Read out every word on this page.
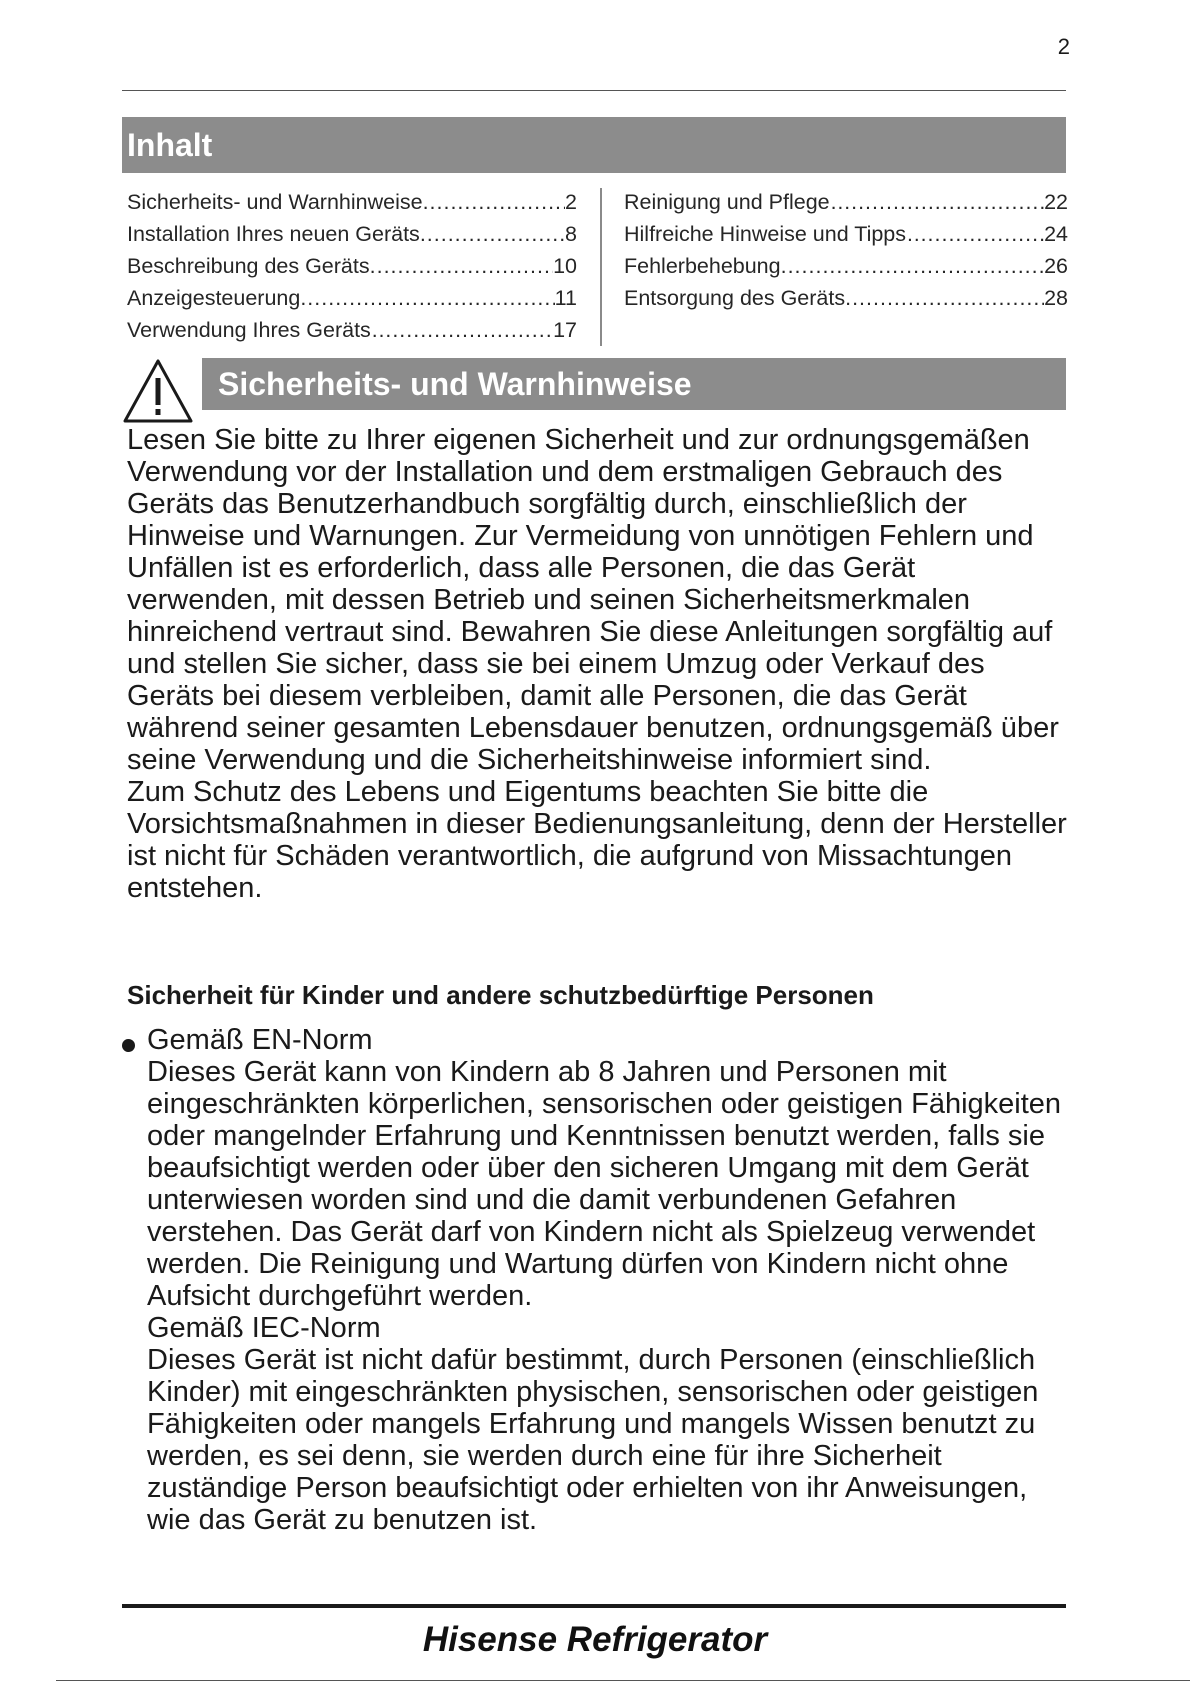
2
Inhalt
Sicherheits- und Warnhinweise .....	2
Installation Ihres neuen Geräts .....	8
Beschreibung des Geräts .....	10
Anzeigesteuerung .....	11
Verwendung Ihres Geräts… .....	17
Reinigung und Pflege… .....	22
Hilfreiche Hinweise und Tipps… .....	24
Fehlerbehebung .....	26
Entsorgung des Geräts .....	28
Sicherheits- und Warnhinweise
Lesen Sie bitte zu Ihrer eigenen Sicherheit und zur ordnungsgemäßen Verwendung vor der Installation und dem erstmaligen Gebrauch des Geräts das Benutzerhandbuch sorgfältig durch, einschließlich der Hinweise und Warnungen. Zur Vermeidung von unnötigen Fehlern und Unfällen ist es erforderlich, dass alle Personen, die das Gerät verwenden, mit dessen Betrieb und seinen Sicherheitsmerkmalen hinreichend vertraut sind. Bewahren Sie diese Anleitungen sorgfältig auf und stellen Sie sicher, dass sie bei einem Umzug oder Verkauf des Geräts bei diesem verbleiben, damit alle Personen, die das Gerät während seiner gesamten Lebensdauer benutzen, ordnungsgemäß über seine Verwendung und die Sicherheitshinweise informiert sind.
Zum Schutz des Lebens und Eigentums beachten Sie bitte die Vorsichtsmaßnahmen in dieser Bedienungsanleitung, denn der Hersteller ist nicht für Schäden verantwortlich, die aufgrund von Missachtungen entstehen.
Sicherheit für Kinder und andere schutzbedürftige Personen

Gemäß EN-Norm

Dieses Gerät kann von Kindern ab 8 Jahren und Personen mit eingeschränkten körperlichen, sensorischen oder geistigen Fähigkeiten oder mangelnder Erfahrung und Kenntnissen benutzt werden, falls sie beaufsichtigt werden oder über den sicheren Umgang mit dem Gerät unterwiesen worden sind und die damit verbundenen Gefahren verstehen. Das Gerät darf von Kindern nicht als Spielzeug verwendet werden. Die Reinigung und Wartung dürfen von Kindern nicht ohne Aufsicht durchgeführt werden.

Gemäß IEC-Norm

Dieses Gerät ist nicht dafür bestimmt, durch Personen (einschließlich Kinder) mit eingeschränkten physischen, sensorischen oder geistigen Fähigkeiten oder mangels Erfahrung und mangels Wissen benutzt zu werden, es sei denn, sie werden durch eine für ihre Sicherheit zuständige Person beaufsichtigt oder erhielten von ihr Anweisungen, wie das Gerät zu benutzen ist.

Hisense Refrigerator
